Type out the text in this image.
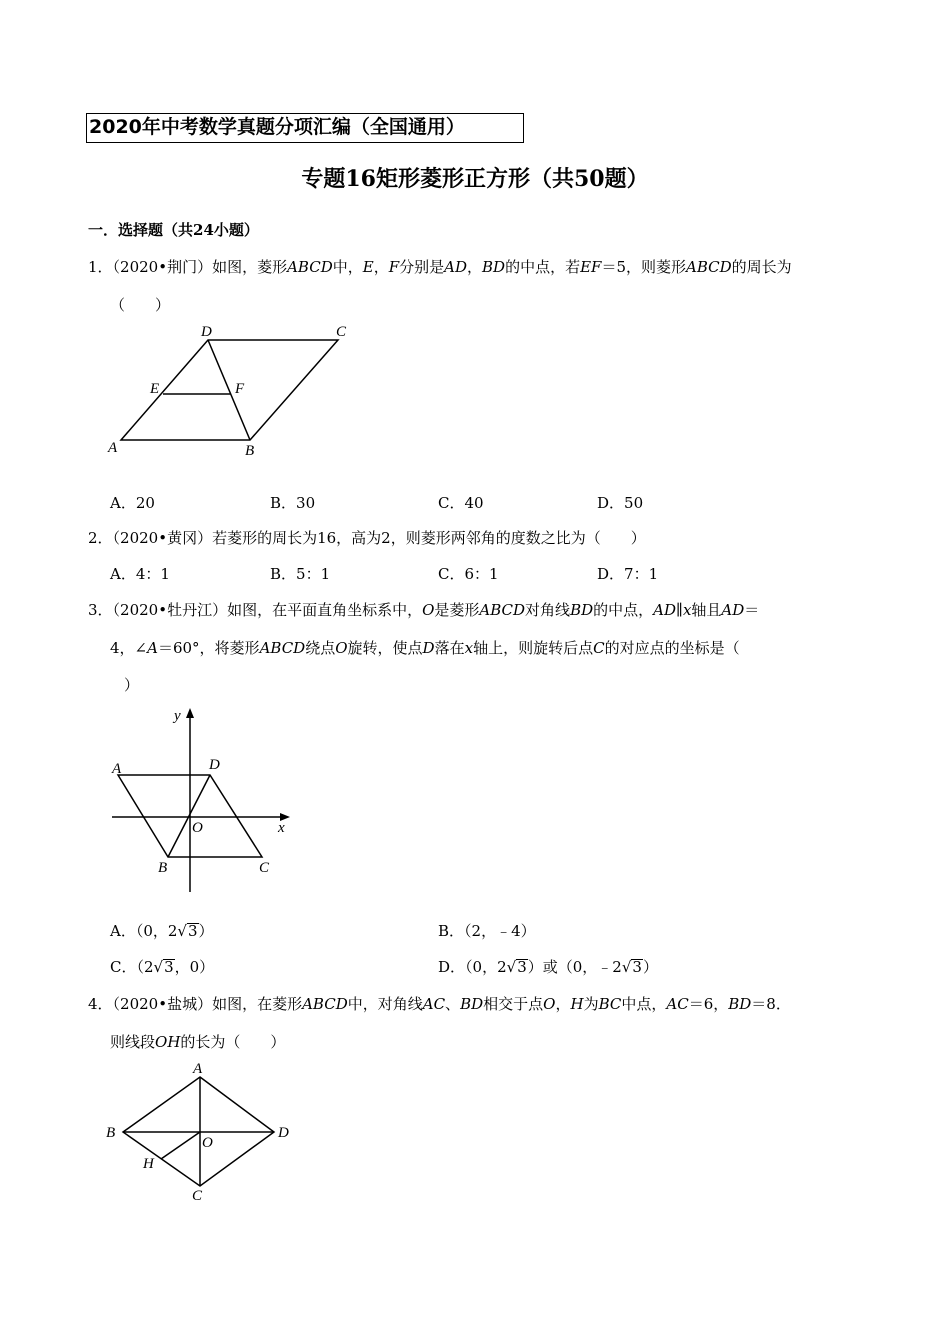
2020年中考数学真题分项汇编（全国通用）
专题16矩形菱形正方形（共50题）
一．选择题（共24小题）
1．（2020•荆门）如图，菱形ABCD中，E，F分别是AD，BD的中点，若EF＝5，则菱形ABCD的周长为
（　　）
D	C
E	F
A	B
A．20	B．30	C．40	D．50
2．（2020•黄冈）若菱形的周长为16，高为2，则菱形两邻角的度数之比为（　　）
A．4：1	B．5：1	C．6：1	D．7：1
3．（2020•牡丹江）如图，在平面直角坐标系中，O是菱形ABCD对角线BD的中点，AD∥x轴且AD＝
4，∠A＝60°，将菱形ABCD绕点O旋转，使点D落在x轴上，则旋转后点C的对应点的坐标是（
）
y
x
A	D
O
B	C
A．（0，2√3）	B．（2，﹣4）
C．（2√3，0）	D．（0，2√3）或（0，﹣2√3）
4．（2020•盐城）如图，在菱形ABCD中，对角线AC、BD相交于点O，H为BC中点，AC＝6，BD＝8．
则线段OH的长为（　　）
A
B
O
D
H
C
